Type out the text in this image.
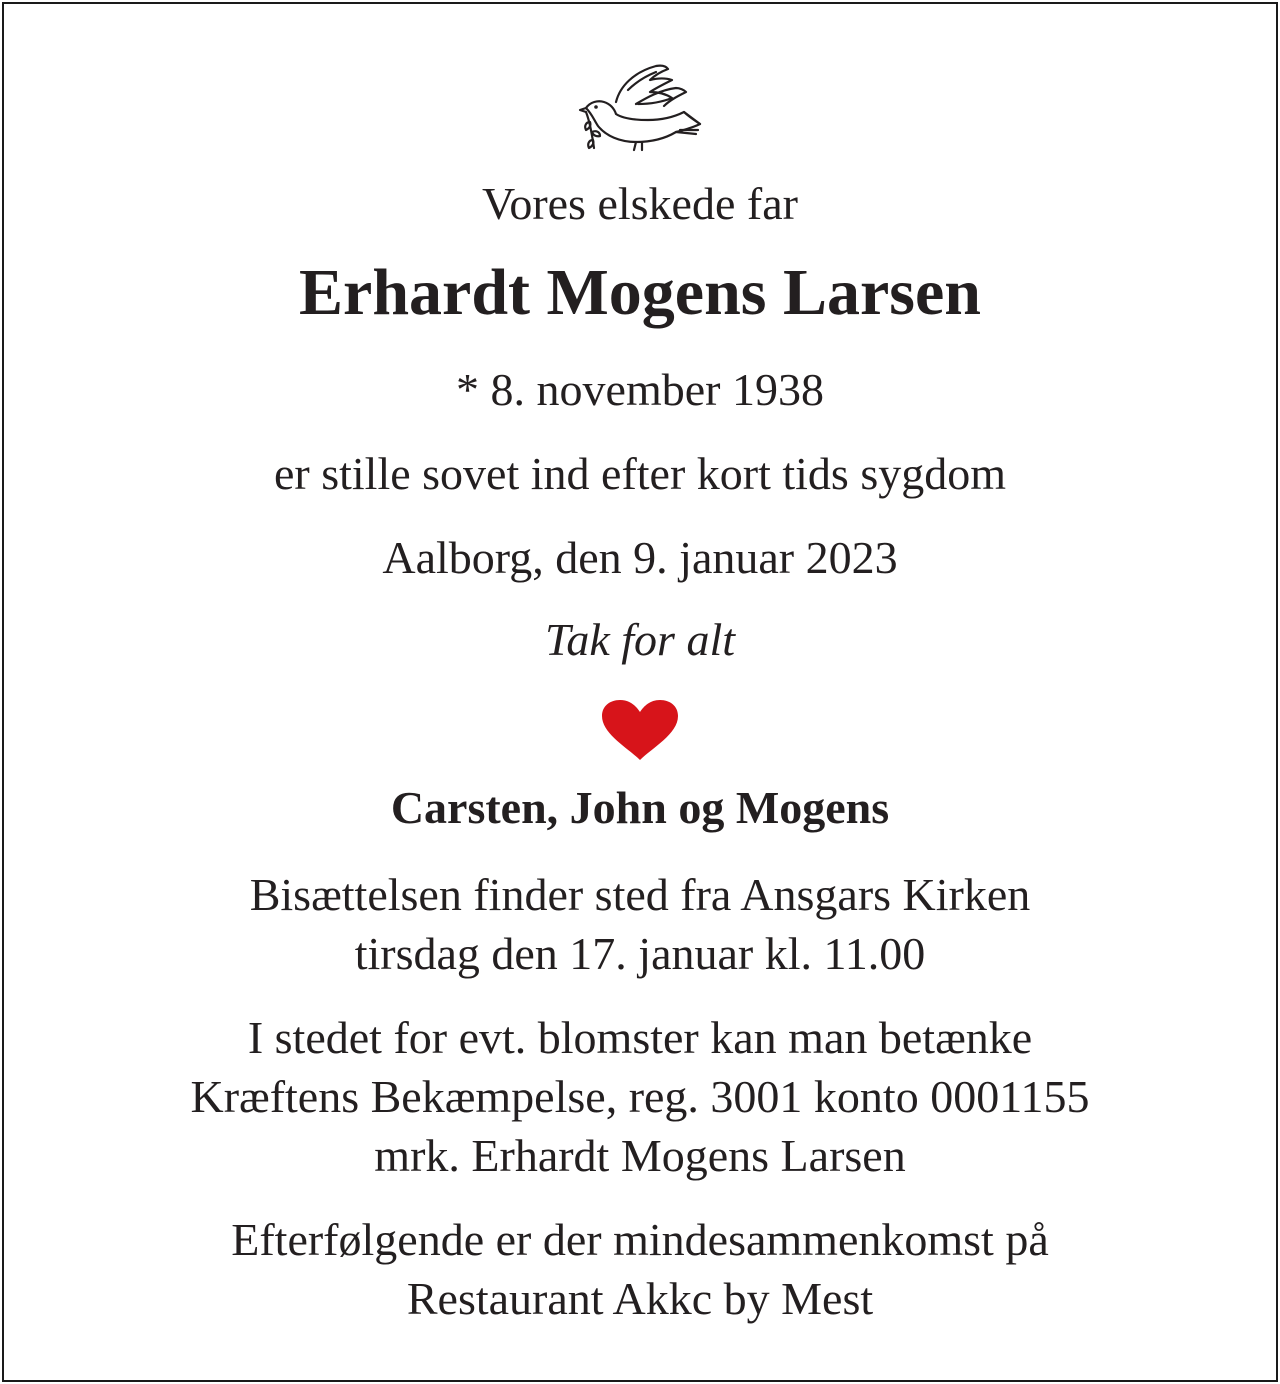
Vores elskede far
Erhardt Mogens Larsen
* 8. november 1938
er stille sovet ind efter kort tids sygdom
Aalborg, den 9. januar 2023
Tak for alt
Carsten, John og Mogens
Bisættelsen finder sted fra Ansgars Kirken
tirsdag den 17. januar kl. 11.00
I stedet for evt. blomster kan man betænke
Kræftens Bekæmpelse, reg. 3001 konto 0001155
mrk. Erhardt Mogens Larsen
Efterfølgende er der mindesammenkomst på
Restaurant Akkc by Mest
